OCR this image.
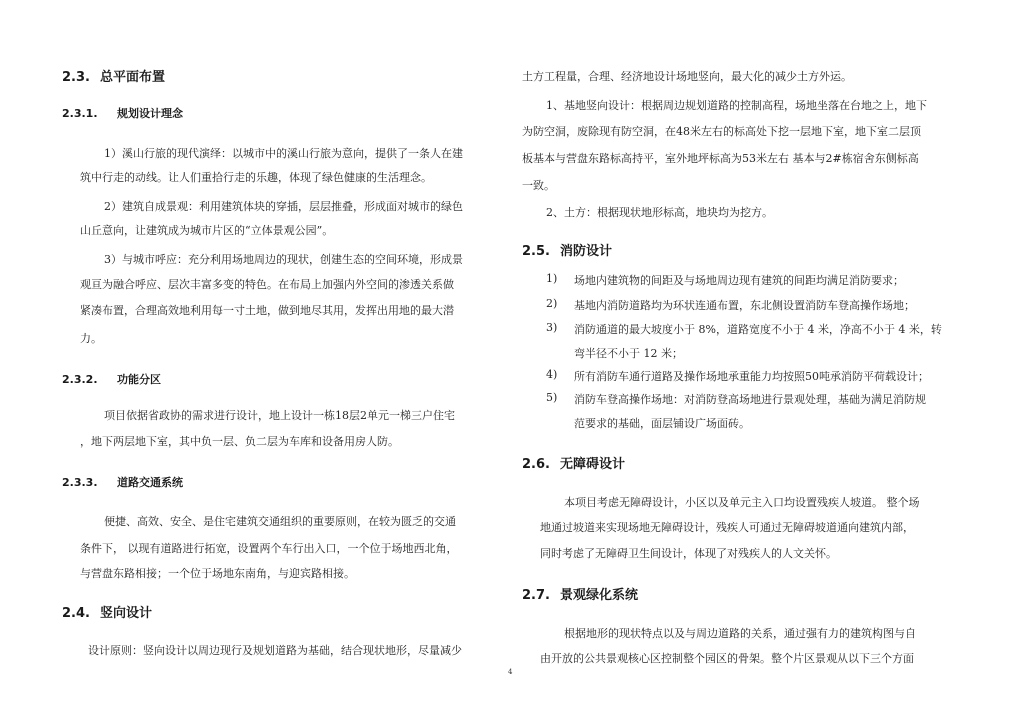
2.3. 总平面布置
2.3.1. 规划设计理念
1）溪山行旅的现代演绎：以城市中的溪山行旅为意向，提供了一条人在建
筑中行走的动线。让人们重拾行走的乐趣，体现了绿色健康的生活理念。
2）建筑自成景观：利用建筑体块的穿插，层层推叠，形成面对城市的绿色
山丘意向，让建筑成为城市片区的“立体景观公园”。
3）与城市呼应：充分利用场地周边的现状，创建生态的空间环境，形成景
观亘为融合呼应、层次丰富多变的特色。在布局上加强内外空间的渗透关系做
紧凑布置，合理高效地利用每一寸土地，做到地尽其用，发挥出用地的最大潜
力。
2.3.2. 功能分区
项目依据省政协的需求进行设计，地上设计一栋18层2单元一梯三户住宅
，地下两层地下室，其中负一层、负二层为车库和设备用房人防。
2.3.3. 道路交通系统
便捷、高效、安全、是住宅建筑交通组织的重要原则，在较为匮乏的交通
条件下， 以现有道路进行拓宽，设置两个车行出入口，一个位于场地西北角，
与营盘东路相接；一个位于场地东南角，与迎宾路相接。
2.4. 竖向设计
设计原则：竖向设计以周边现行及规划道路为基础，结合现状地形，尽量减少
土方工程量，合理、经济地设计场地竖向，最大化的减少土方外运。
1、基地竖向设计：根据周边规划道路的控制高程，场地坐落在台地之上，地下
为防空洞，废除现有防空洞，在48米左右的标高处下挖一层地下室，地下室二层顶
板基本与营盘东路标高持平，室外地坪标高为53米左右 基本与2#栋宿舍东侧标高
一致。
2、土方：根据现状地形标高，地块均为挖方。
2.5. 消防设计
1) 场地内建筑物的间距及与场地周边现有建筑的间距均满足消防要求；
2) 基地内消防道路均为环状连通布置，东北侧设置消防车登高操作场地；
3) 消防通道的最大坡度小于 8%，道路宽度不小于 4 米，净高不小于 4 米，转
弯半径不小于 12 米；
4) 所有消防车通行道路及操作场地承重能力均按照50吨承消防平荷载设计；
5) 消防车登高操作场地：对消防登高场地进行景观处理，基础为满足消防规
范要求的基础，面层铺设广场面砖。
2.6. 无障碍设计
本项目考虑无障碍设计，小区以及单元主入口均设置残疾人坡道。 整个场
地通过坡道来实现场地无障碍设计，残疾人可通过无障碍坡道通向建筑内部，
同时考虑了无障碍卫生间设计，体现了对残疾人的人文关怀。
2.7. 景观绿化系统
根据地形的现状特点以及与周边道路的关系，通过强有力的建筑构图与自
由开放的公共景观核心区控制整个园区的骨架。整个片区景观从以下三个方面
4
